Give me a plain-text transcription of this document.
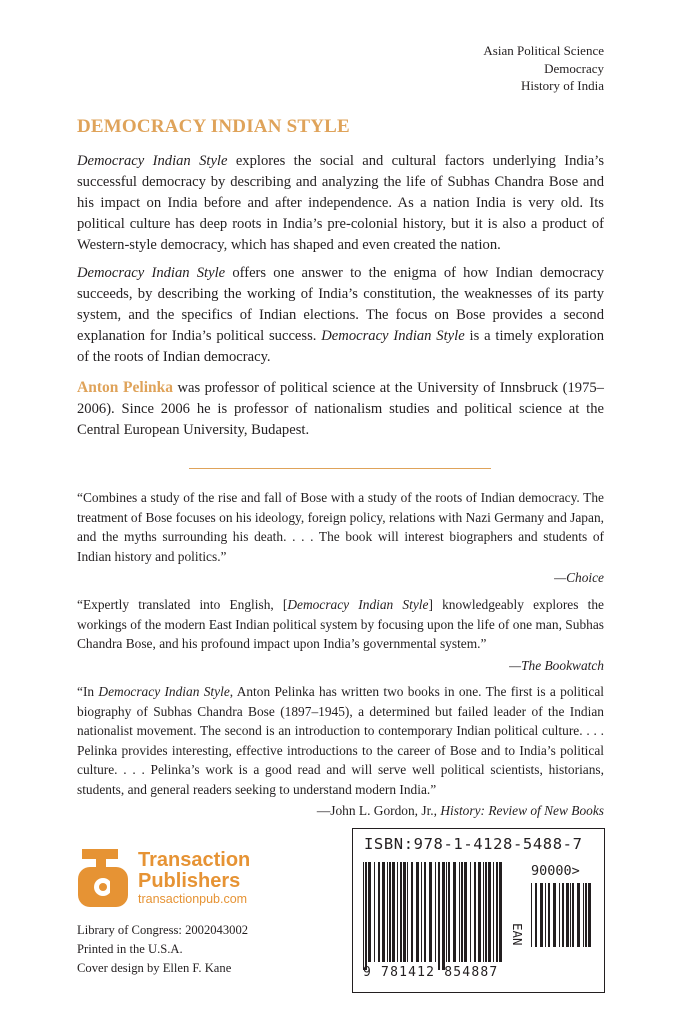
Asian Political Science
Democracy
History of India
DEMOCRACY INDIAN STYLE
Democracy Indian Style explores the social and cultural factors underlying India’s successful democracy by describing and analyzing the life of Subhas Chandra Bose and his impact on India before and after independence. As a nation India is very old. Its political culture has deep roots in India’s pre-colonial history, but it is also a product of Western-style democracy, which has shaped and even created the nation.
Democracy Indian Style offers one answer to the enigma of how Indian democracy succeeds, by describing the working of India’s constitution, the weaknesses of its party system, and the specifics of Indian elections. The focus on Bose provides a second explanation for India’s political success. Democracy Indian Style is a timely exploration of the roots of Indian democracy.
Anton Pelinka was professor of political science at the University of Innsbruck (1975–2006). Since 2006 he is professor of nationalism studies and political science at the Central European University, Budapest.
“Combines a study of the rise and fall of Bose with a study of the roots of Indian democracy. The treatment of Bose focuses on his ideology, foreign policy, relations with Nazi Germany and Japan, and the myths surrounding his death. . . . The book will interest biographers and students of Indian history and politics.”
—Choice
“Expertly translated into English, [Democracy Indian Style] knowledgeably explores the workings of the modern East Indian political system by focusing upon the life of one man, Subhas Chandra Bose, and his profound impact upon India’s governmental system.”
—The Bookwatch
“In Democracy Indian Style, Anton Pelinka has written two books in one. The first is a political biography of Subhas Chandra Bose (1897–1945), a determined but failed leader of the Indian nationalist movement. The second is an introduction to contemporary Indian political culture. . . . Pelinka provides interesting, effective introductions to the career of Bose and to India’s political culture. . . . Pelinka’s work is a good read and will serve well political scientists, historians, students, and general readers seeking to understand modern India.”
—John L. Gordon, Jr., History: Review of New Books
Transaction
Publishers
transactionpub.com
Library of Congress: 2002043002
Printed in the U.S.A.
Cover design by Ellen F. Kane
ISBN:978-1-4128-5488-7
EAN
90000>
9 781412 854887
